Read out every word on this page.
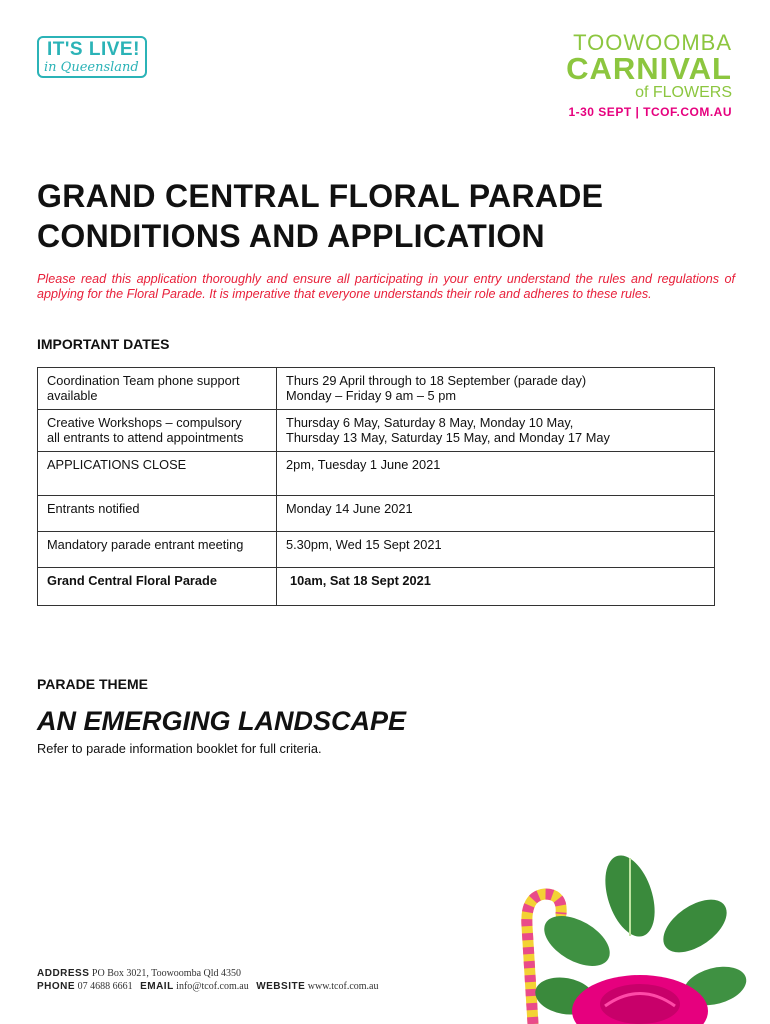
IT'S LIVE!
in Queensland
TOOWOOMBA
CARNIVAL
of FLOWERS
1-30 SEPT | TCOF.COM.AU
GRAND CENTRAL FLORAL PARADE
CONDITIONS AND APPLICATION

Please read this application thoroughly and ensure all participating in your entry understand the rules and regulations of applying for the Floral Parade. It is imperative that everyone understands their role and adheres to these rules.

IMPORTANT DATES
Coordination Team phone support
available	Thurs 29 April through to 18 September (parade day)
Monday – Friday 9 am – 5 pm

Creative Workshops – compulsory
all entrants to attend appointments	Thursday 6 May, Saturday 8 May, Monday 10 May,
Thursday 13 May, Saturday 15 May, and Monday 17 May

APPLICATIONS CLOSE	2pm, Tuesday 1 June 2021

Entrants notified	Monday 14 June 2021

Mandatory parade entrant meeting	5.30pm, Wed 15 Sept 2021

Grand Central Floral Parade	10am, Sat 18 Sept 2021
PARADE THEME
AN EMERGING LANDSCAPE

Refer to parade information booklet for full criteria.

ADDRESS PO Box 3021, Toowoomba Qld 4350
PHONE 07 4688 6661 EMAIL info@tcof.com.au WEBSITE www.tcof.com.au
